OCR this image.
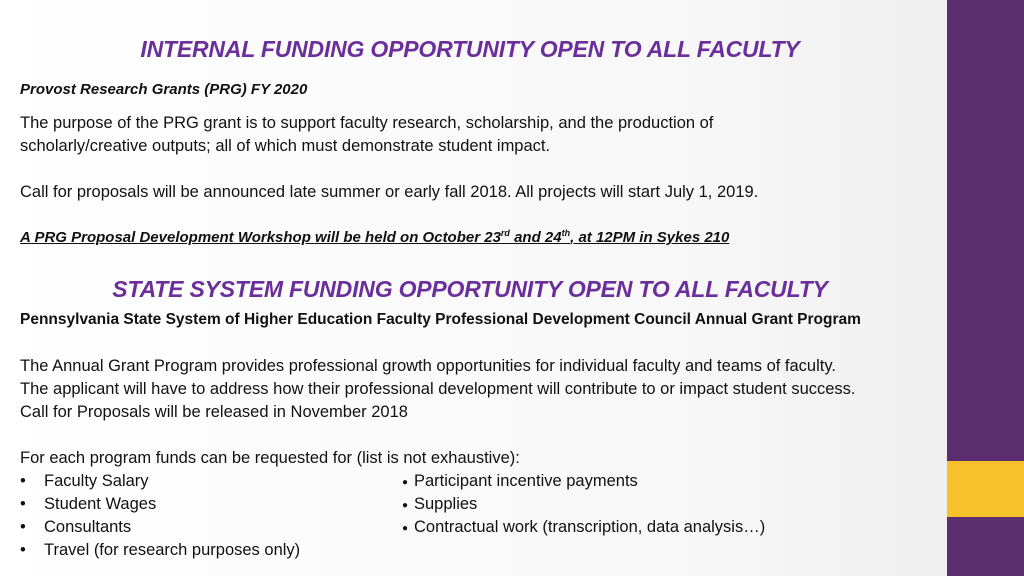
INTERNAL FUNDING OPPORTUNITY OPEN TO ALL FACULTY
Provost Research Grants (PRG) FY 2020
The purpose of the PRG grant is to support faculty research, scholarship, and the production of
scholarly/creative outputs; all of which must demonstrate student impact.
Call for proposals will be announced late summer or early fall 2018. All projects will start July 1, 2019.
A PRG Proposal Development Workshop will be held on October 23rd and 24th, at 12PM in Sykes 210
STATE SYSTEM FUNDING OPPORTUNITY OPEN TO ALL FACULTY
Pennsylvania State System of Higher Education Faculty Professional Development Council Annual Grant Program
The Annual Grant Program provides professional growth opportunities for individual faculty and teams of faculty.
The applicant will have to address how their professional development will contribute to or impact student success.
Call for Proposals will be released in November 2018
For each program funds can be requested for (list is not exhaustive):
• Faculty Salary
• Student Wages
• Consultants
• Travel (for research purposes only)
● Participant incentive payments
● Supplies
● Contractual work (transcription, data analysis…)
